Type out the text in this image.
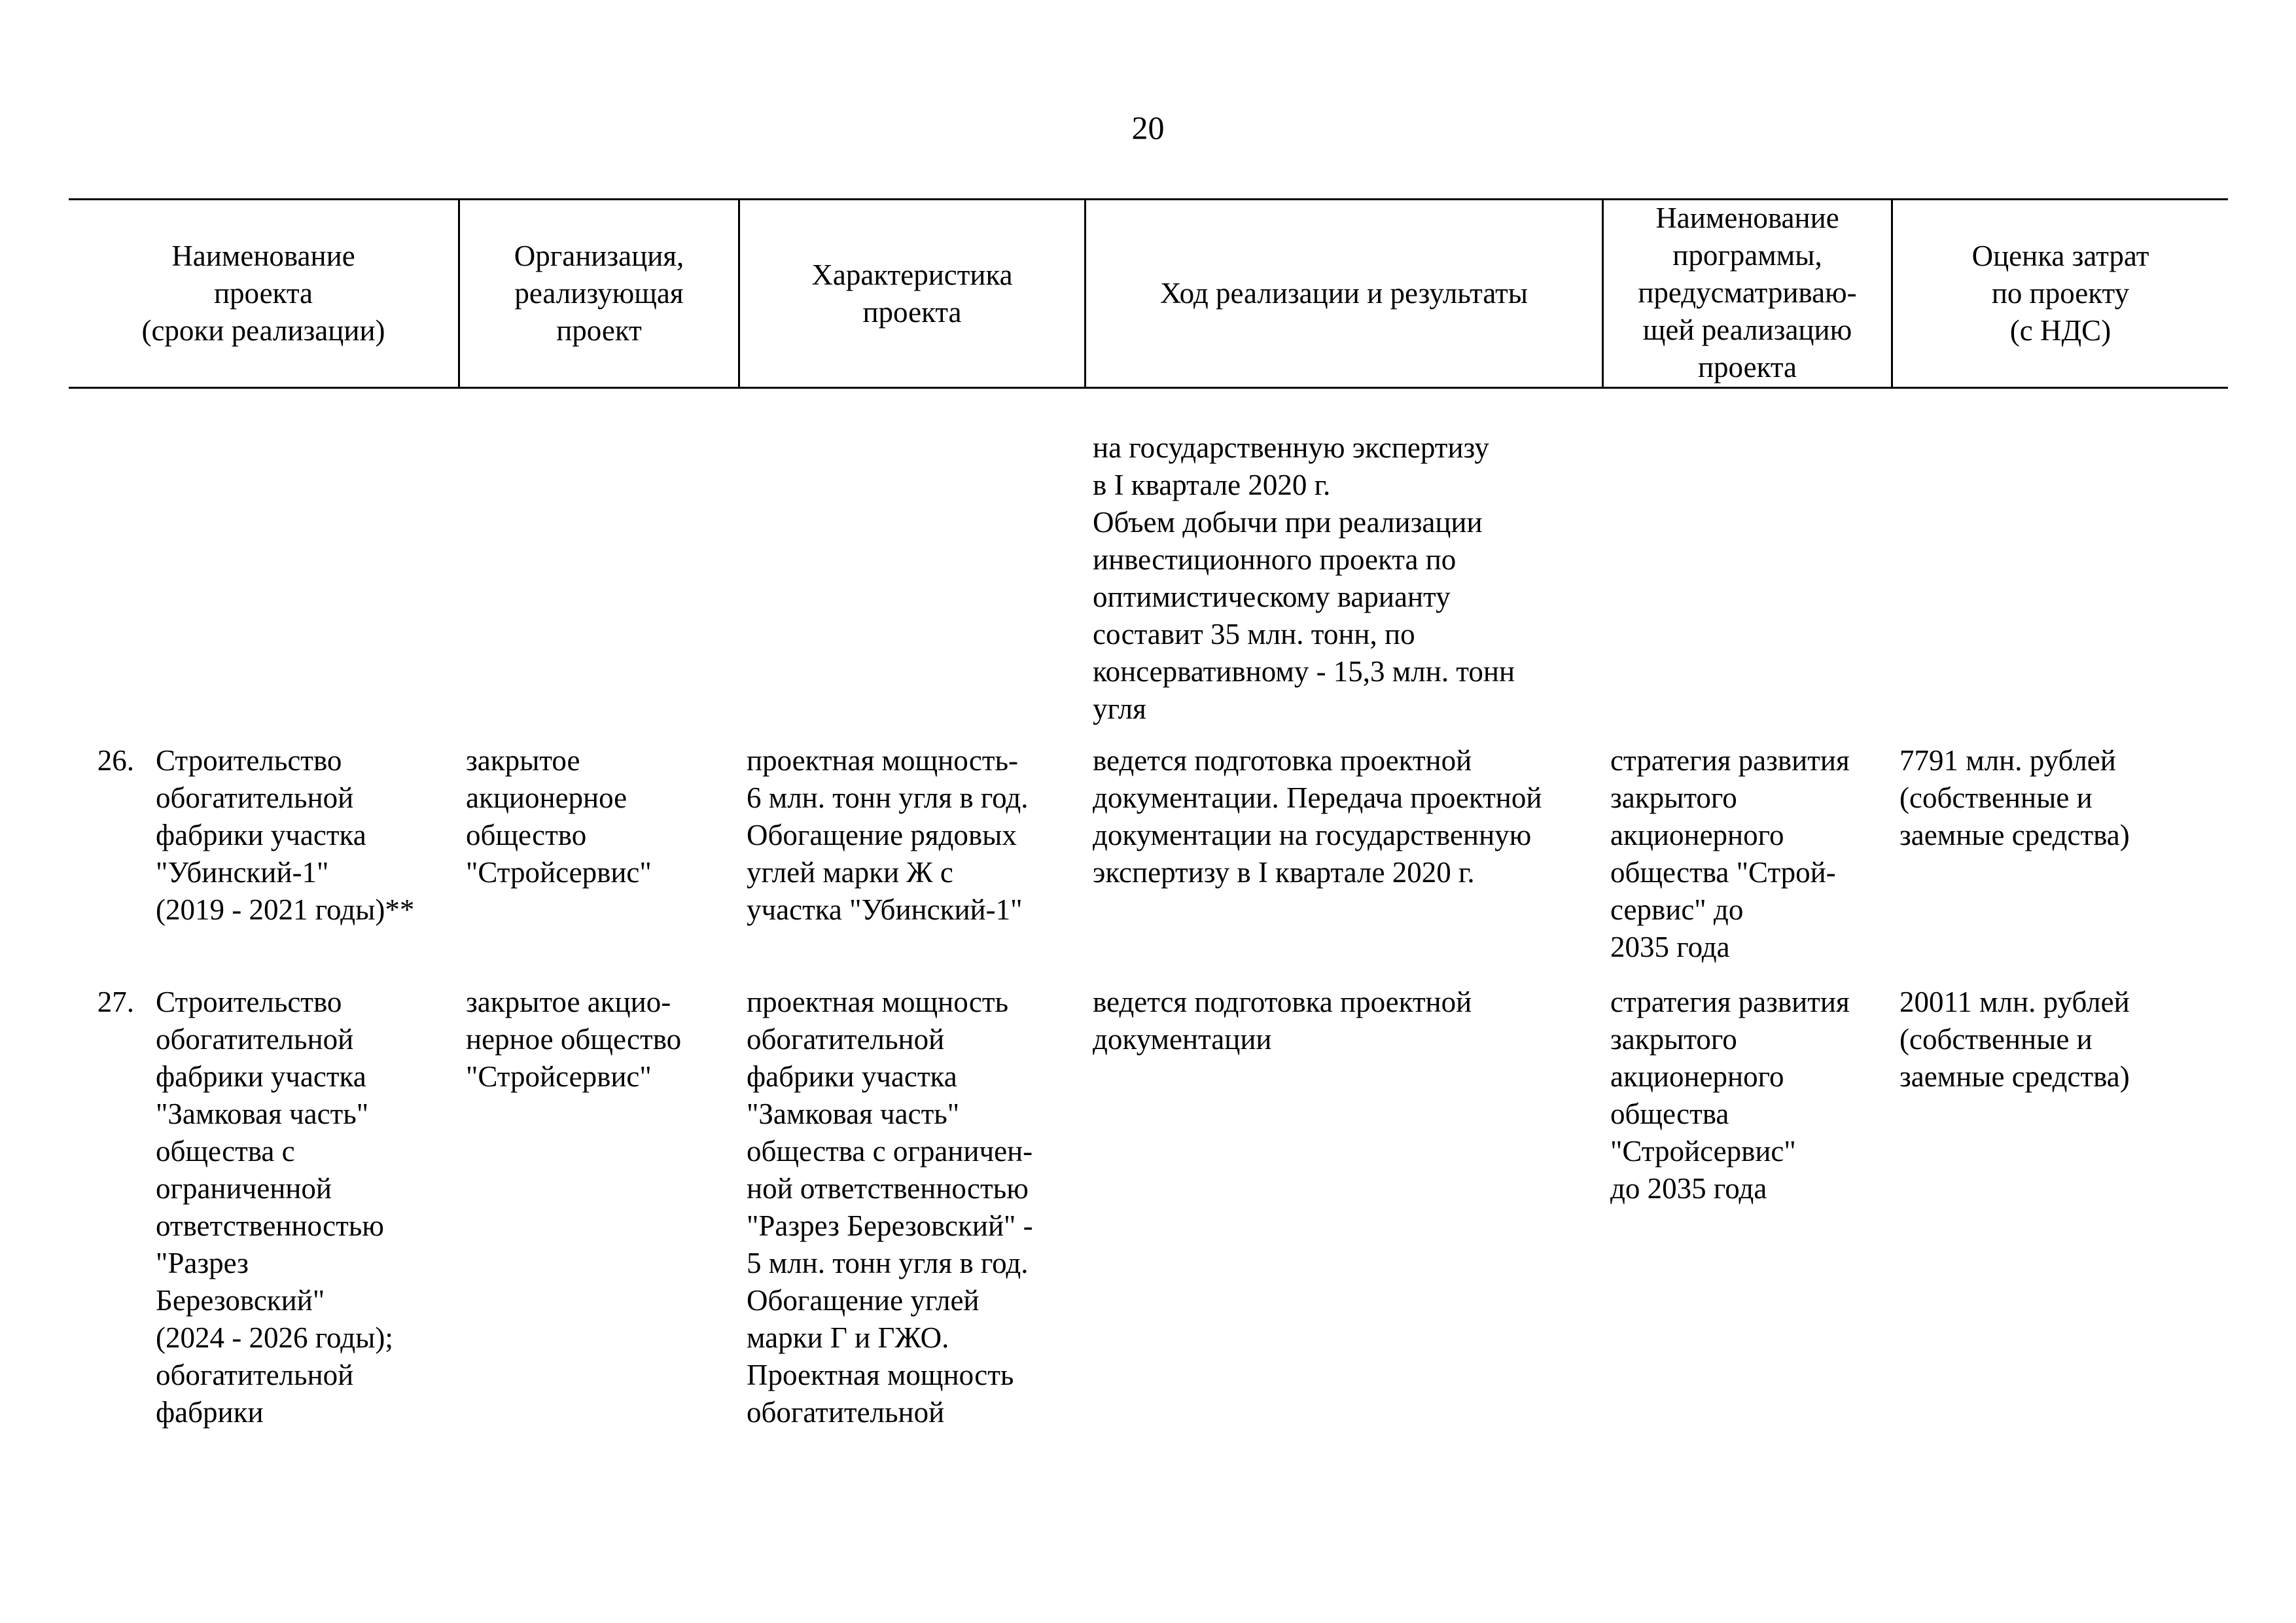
20
Наименование
проекта
(сроки реализации)
Организация,
реализующая
проект
Характеристика
проекта
Ход реализации и результаты
Наименование
программы,
предусматриваю-
щей реализацию
проекта
Оценка затрат
по проекту
(с НДС)
на государственную экспертизу
в I квартале 2020 г.
Объем добычи при реализации
инвестиционного проекта по
оптимистическому варианту
составит 35 млн. тонн, по
консервативному - 15,3 млн. тонн
угля
26. Строительство
обогатительной
фабрики участка
"Убинский-1"
(2019 - 2021 годы)**
закрытое
акционерное
общество
"Стройсервис"
проектная мощность-
6 млн. тонн угля в год.
Обогащение рядовых
углей марки Ж с
участка "Убинский-1"
ведется подготовка проектной
документации. Передача проектной
документации на государственную
экспертизу в I квартале 2020 г.
стратегия развития
закрытого
акционерного
общества "Строй-
сервис" до
2035 года
7791 млн. рублей
(собственные и
заемные средства)
27. Строительство
обогатительной
фабрики участка
"Замковая часть"
общества с
ограниченной
ответственностью
"Разрез
Березовский"
(2024 - 2026 годы);
обогатительной
фабрики
закрытое акцио-
нерное общество
"Стройсервис"
проектная мощность
обогатительной
фабрики участка
"Замковая часть"
общества с ограничен-
ной ответственностью
"Разрез Березовский" -
5 млн. тонн угля в год.
Обогащение углей
марки Г и ГЖО.
Проектная мощность
обогатительной
ведется подготовка проектной
документации
стратегия развития
закрытого
акционерного
общества
"Стройсервис"
до 2035 года
20011 млн. рублей
(собственные и
заемные средства)
